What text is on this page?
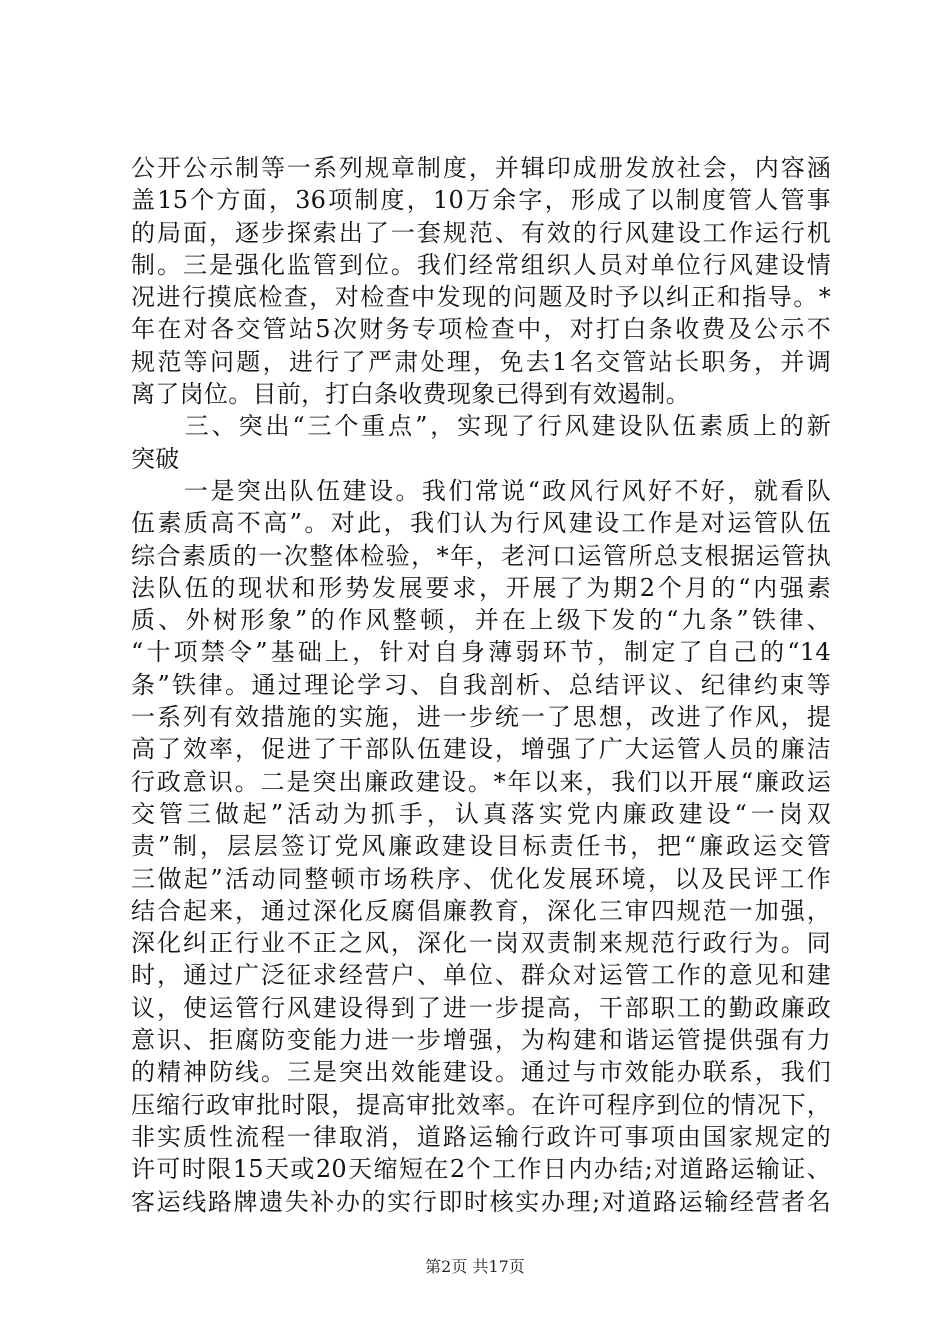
公开公示制等一系列规章制度，并辑印成册发放社会，内容涵
盖15个方面，36项制度，10万余字，形成了以制度管人管事
的局面，逐步探索出了一套规范、有效的行风建设工作运行机
制。三是强化监管到位。我们经常组织人员对单位行风建设情
况进行摸底检查，对检查中发现的问题及时予以纠正和指导。*
年在对各交管站5次财务专项检查中，对打白条收费及公示不
规范等问题，进行了严肃处理，免去1名交管站长职务，并调
离了岗位。目前，打白条收费现象已得到有效遏制。
　　三、突出“三个重点”，实现了行风建设队伍素质上的新
突破
　　一是突出队伍建设。我们常说“政风行风好不好，就看队
伍素质高不高”。对此，我们认为行风建设工作是对运管队伍
综合素质的一次整体检验，*年，老河口运管所总支根据运管执
法队伍的现状和形势发展要求，开展了为期2个月的“内强素
质、外树形象”的作风整顿，并在上级下发的“九条”铁律、
“十项禁令”基础上，针对自身薄弱环节，制定了自己的“14
条”铁律。通过理论学习、自我剖析、总结评议、纪律约束等
一系列有效措施的实施，进一步统一了思想，改进了作风，提
高了效率，促进了干部队伍建设，增强了广大运管人员的廉洁
行政意识。二是突出廉政建设。*年以来，我们以开展“廉政运
交管三做起”活动为抓手，认真落实党内廉政建设“一岗双
责”制，层层签订党风廉政建设目标责任书，把“廉政运交管
三做起”活动同整顿市场秩序、优化发展环境，以及民评工作
结合起来，通过深化反腐倡廉教育，深化三审四规范一加强，
深化纠正行业不正之风，深化一岗双责制来规范行政行为。同
时，通过广泛征求经营户、单位、群众对运管工作的意见和建
议，使运管行风建设得到了进一步提高，干部职工的勤政廉政
意识、拒腐防变能力进一步增强，为构建和谐运管提供强有力
的精神防线。三是突出效能建设。通过与市效能办联系，我们
压缩行政审批时限，提高审批效率。在许可程序到位的情况下，
非实质性流程一律取消，道路运输行政许可事项由国家规定的
许可时限15天或20天缩短在2个工作日内办结;对道路运输证、
客运线路牌遗失补办的实行即时核实办理;对道路运输经营者名
第2页 共17页
